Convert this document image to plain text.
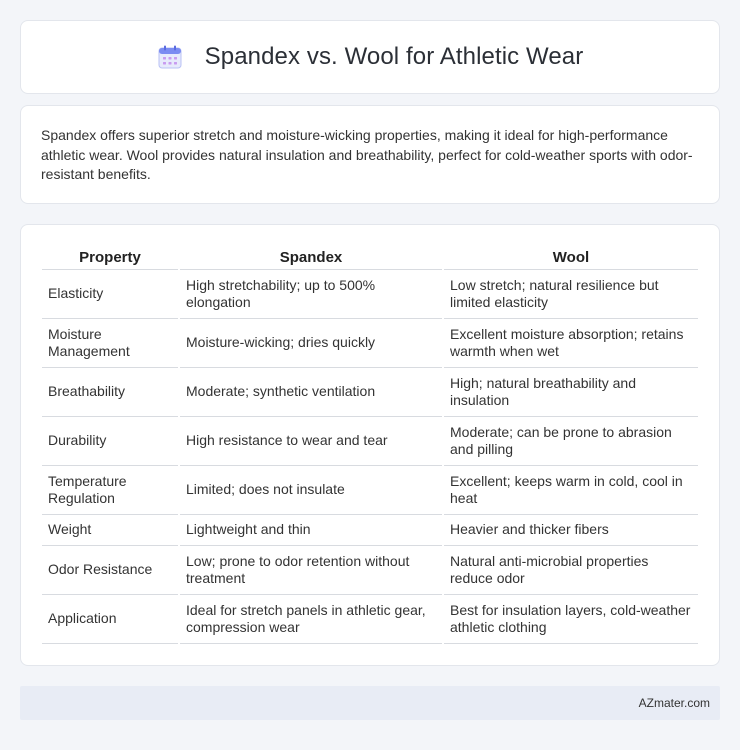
Spandex vs. Wool for Athletic Wear

Spandex offers superior stretch and moisture-wicking properties, making it ideal for high-performance athletic wear. Wool provides natural insulation and breathability, perfect for cold-weather sports with odor-resistant benefits.

Property	Spandex	Wool
Elasticity	High stretchability; up to 500% elongation	Low stretch; natural resilience but limited elasticity
Moisture Management	Moisture-wicking; dries quickly	Excellent moisture absorption; retains warmth when wet
Breathability	Moderate; synthetic ventilation	High; natural breathability and insulation
Durability	High resistance to wear and tear	Moderate; can be prone to abrasion and pilling
Temperature Regulation	Limited; does not insulate	Excellent; keeps warm in cold, cool in heat
Weight	Lightweight and thin	Heavier and thicker fibers
Odor Resistance	Low; prone to odor retention without treatment	Natural anti-microbial properties reduce odor
Application	Ideal for stretch panels in athletic gear, compression wear	Best for insulation layers, cold-weather athletic clothing
AZmater.com
